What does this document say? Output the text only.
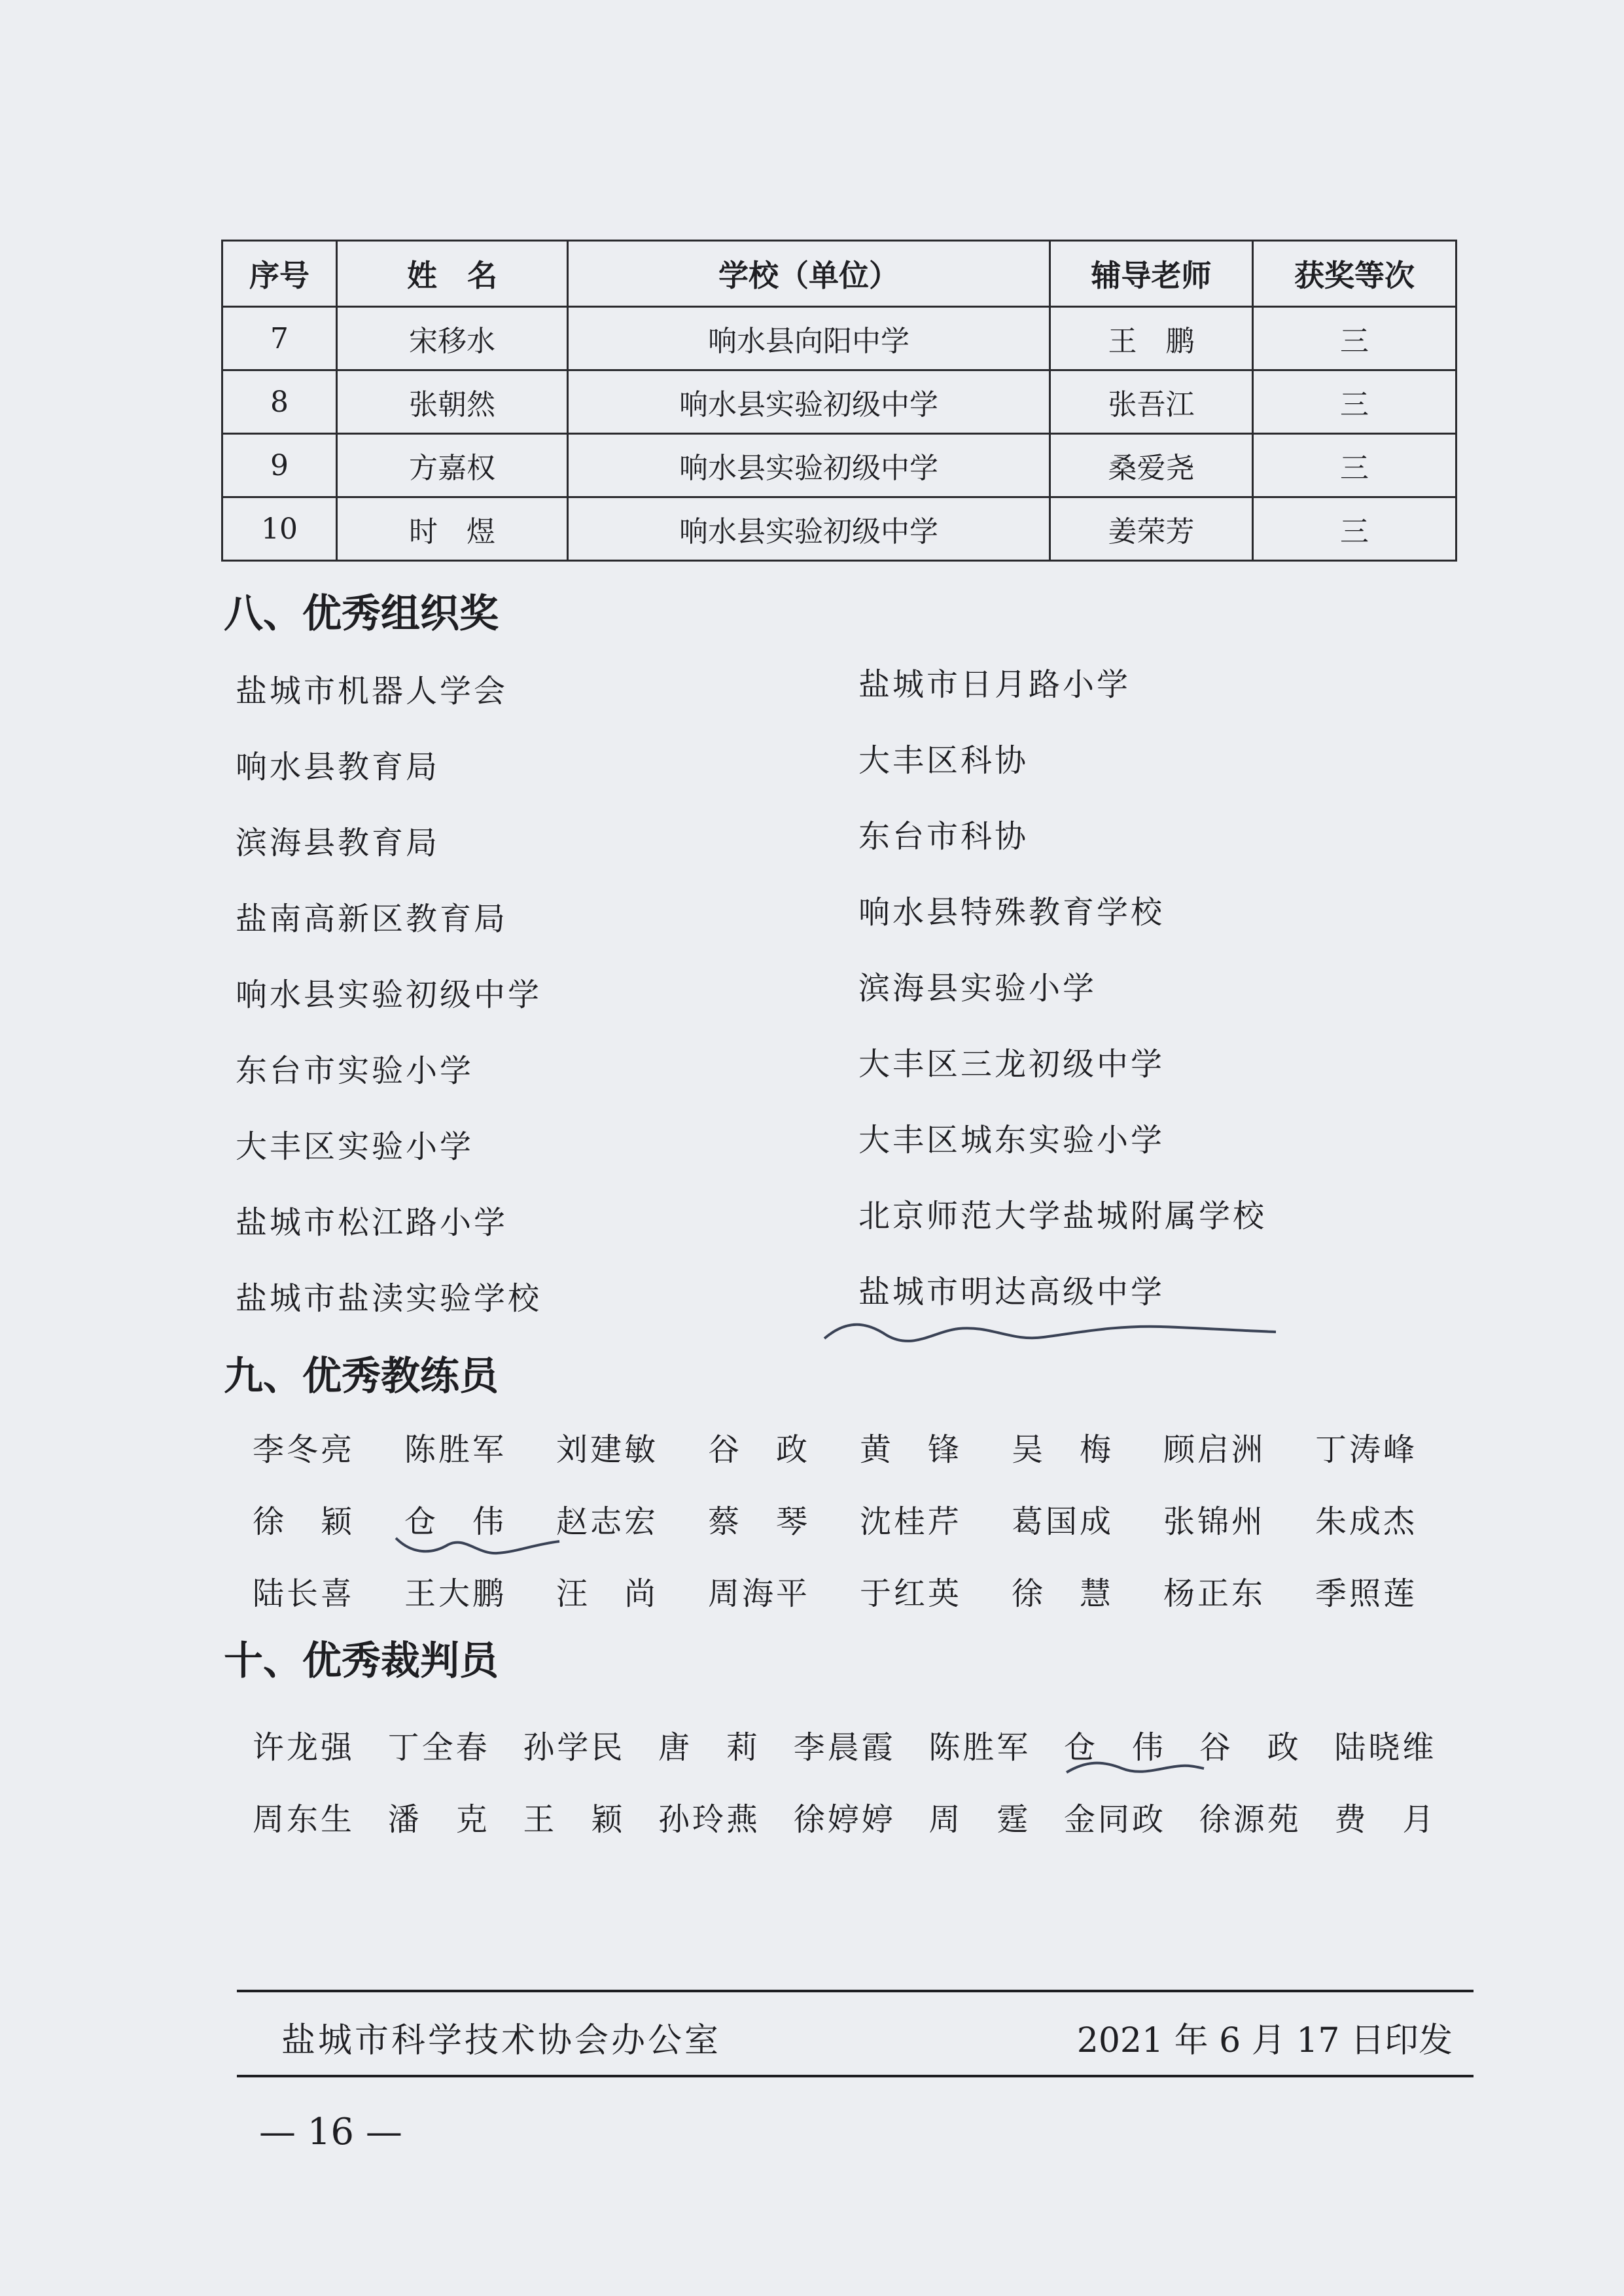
序号	姓　名	学校（单位）	辅导老师	获奖等次
7	宋移水	响水县向阳中学	王　鹏	三
8	张朝然	响水县实验初级中学	张吾江	三
9	方嘉权	响水县实验初级中学	桑爱尧	三
10	时　煜	响水县实验初级中学	姜荣芳	三
八、优秀组织奖
盐城市机器人学会
响水县教育局
滨海县教育局
盐南高新区教育局
响水县实验初级中学
东台市实验小学
大丰区实验小学
盐城市松江路小学
盐城市盐渎实验学校
盐城市日月路小学
大丰区科协
东台市科协
响水县特殊教育学校
滨海县实验小学
大丰区三龙初级中学
大丰区城东实验小学
北京师范大学盐城附属学校
盐城市明达高级中学
九、优秀教练员
李冬亮	陈胜军	刘建敏	谷　政	黄　锋	吴　梅	顾启洲	丁涛峰
徐　颖	仓　伟	赵志宏	蔡　琴	沈桂芹	葛国成	张锦州	朱成杰
陆长喜	王大鹏	汪　尚	周海平	于红英	徐　慧	杨正东	季照莲
十、优秀裁判员
许龙强	丁全春	孙学民	唐　莉	李晨霞	陈胜军	仓　伟	谷　政	陆晓维
周东生	潘　克	王　颖	孙玲燕	徐婷婷	周　霆	金同政	徐源苑	费　月
盐城市科学技术协会办公室	2021 年 6 月 17 日印发
— 16 —
